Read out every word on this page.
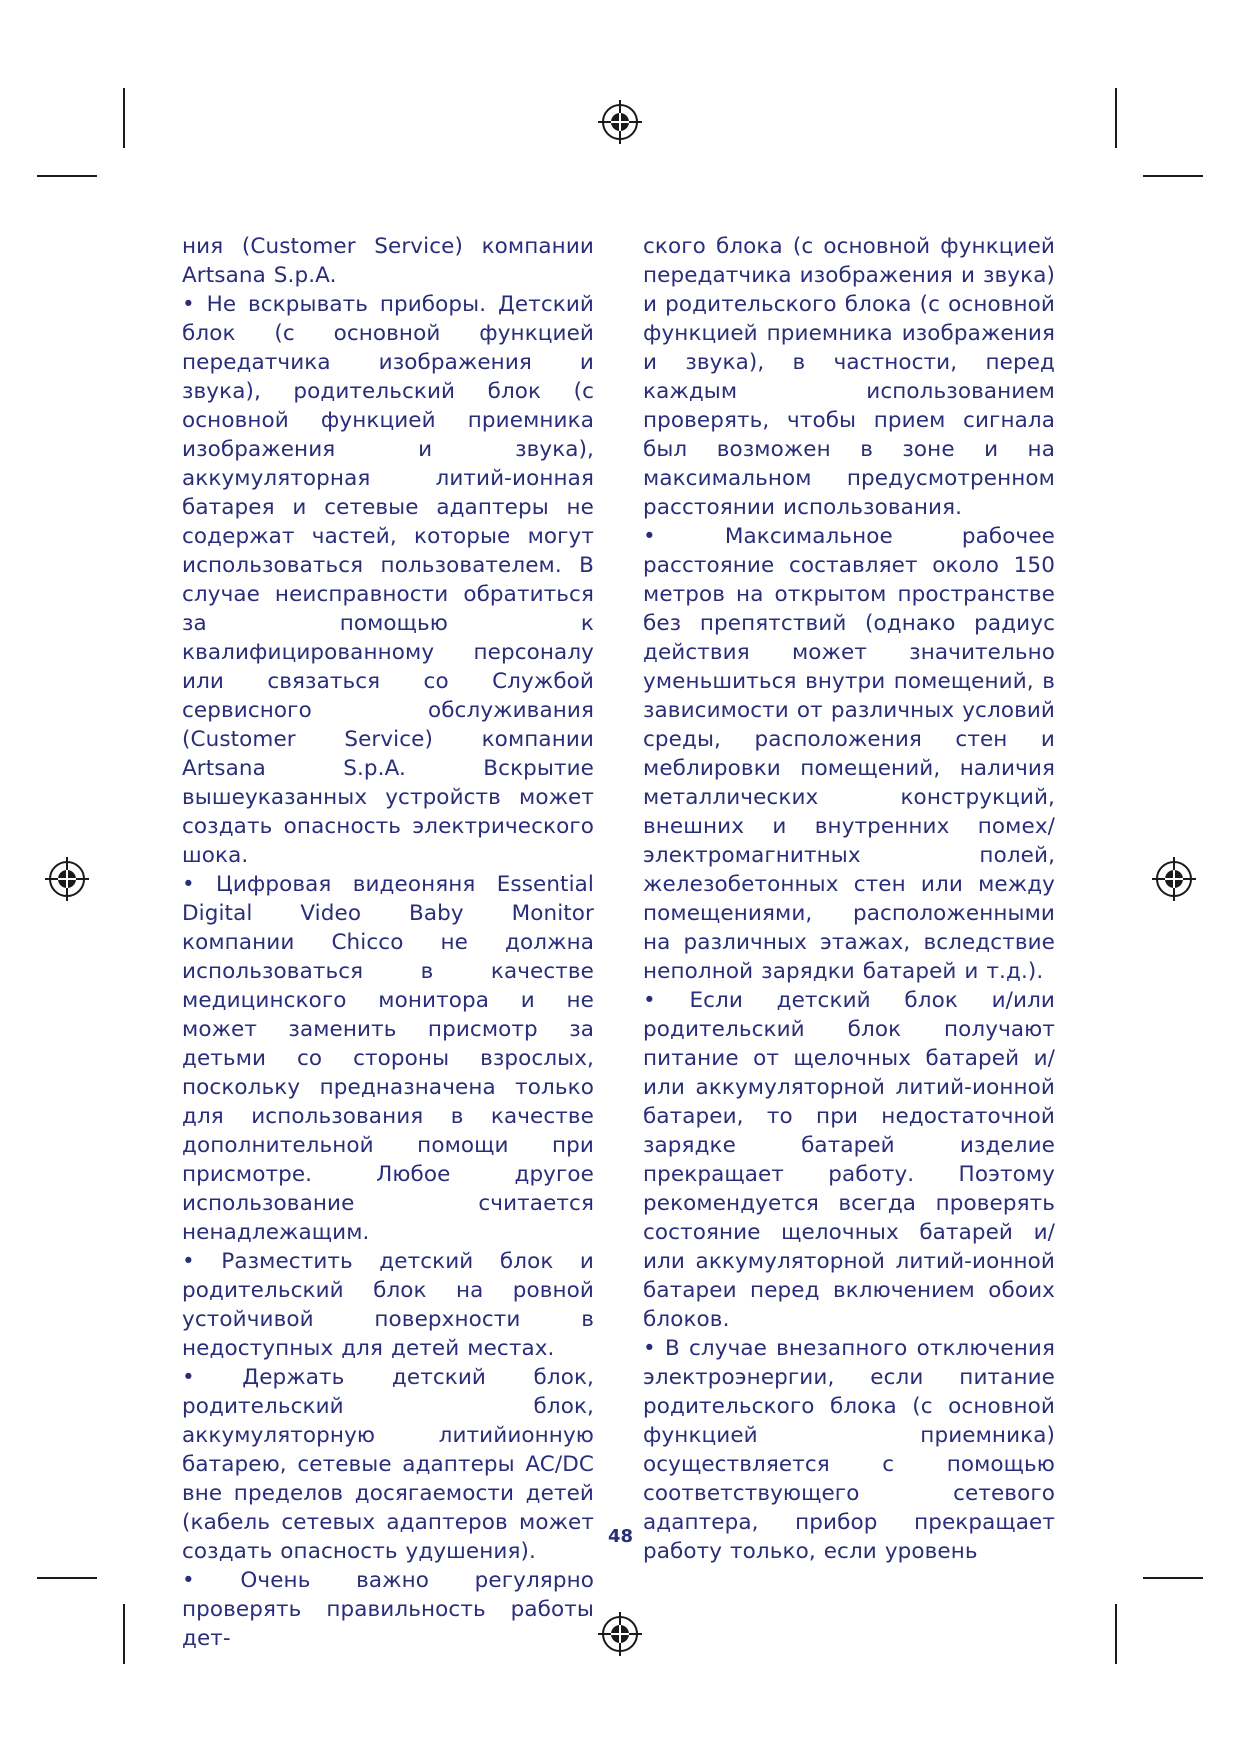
ния (Customer Service) компании Artsana S.p.A.

• Не вскрывать приборы. Детский блок (с основной функцией передатчика изображения и звука), родительский блок (с основной функцией приемника изображения и звука), аккумуляторная литий-ионная батарея и сетевые адаптеры не содержат частей, которые могут использоваться пользователем. В случае неисправности обратиться за помощью к квалифицированному персоналу или связаться со Службой сервисного обслуживания (Customer Service) компании Artsana S.p.A. Вскрытие вышеуказанных устройств может создать опасность электрического шока.

• Цифровая видеоняня Essential Digital Video Baby Monitor компании Chicco не должна использоваться в качестве медицинского монитора и не может заменить присмотр за детьми со стороны взрослых, поскольку предназначена только для использования в качестве дополнительной помощи при присмотре. Любое другое использование считается ненадлежащим.

• Разместить детский блок и родительский блок на ровной устойчивой поверхности в недоступных для детей местах.

• Держать детский блок, родительский блок, аккумуляторную литийионную батарею, сетевые адаптеры AC/DC вне пределов досягаемости детей (кабель сетевых адаптеров может создать опасность удушения).

• Очень важно регулярно проверять правильность работы дет-

ского блока (с основной функцией передатчика изображения и звука) и родительского блока (с основной функцией приемника изображения и звука), в частности, перед каждым использованием проверять, чтобы прием сигнала был возможен в зоне и на максимальном предусмотренном расстоянии использования.

• Максимальное рабочее расстояние составляет около 150 метров на открытом пространстве без препятствий (однако радиус действия может значительно уменьшиться внутри помещений, в зависимости от различных условий среды, расположения стен и меблировки помещений, наличия металлических конструкций, внешних и внутренних помех/электромагнитных полей, железобетонных стен или между помещениями, расположенными на различных этажах, вследствие неполной зарядки батарей и т.д.).

• Если детский блок и/или родительский блок получают питание от щелочных батарей и/или аккумуляторной литий-ионной батареи, то при недостаточной зарядке батарей изделие прекращает работу. Поэтому рекомендуется всегда проверять состояние щелочных батарей и/или аккумуляторной литий-ионной батареи перед включением обоих блоков.

• В случае внезапного отключения электроэнергии, если питание родительского блока (с основной функцией приемника) осуществляется с помощью соответствующего сетевого адаптера, прибор прекращает работу только, если уровень

48
